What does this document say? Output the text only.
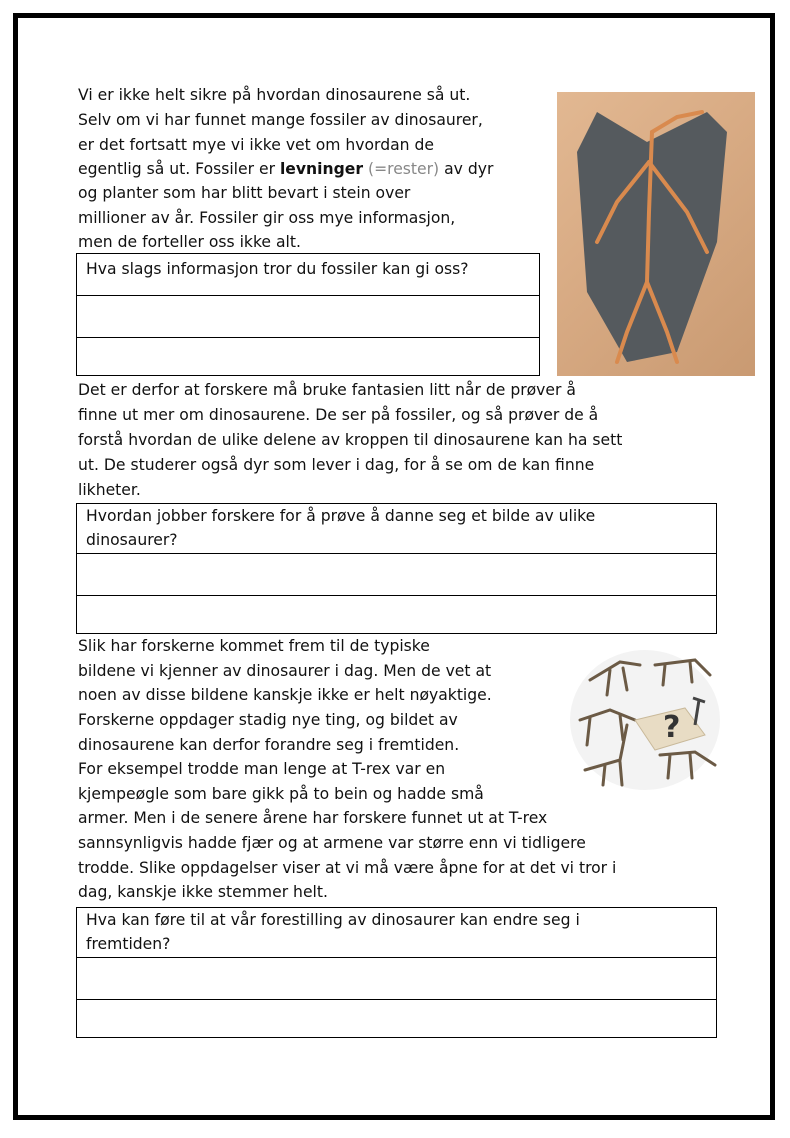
Vi er ikke helt sikre på hvordan dinosaurene så ut.
Selv om vi har funnet mange fossiler av dinosaurer,
er det fortsatt mye vi ikke vet om hvordan de
egentlig så ut. Fossiler er levninger (=rester) av dyr
og planter som har blitt bevart i stein over
millioner av år. Fossiler gir oss mye informasjon,
men de forteller oss ikke alt.
Hva slags informasjon tror du fossiler kan gi oss?
Det er derfor at forskere må bruke fantasien litt når de prøver å
finne ut mer om dinosaurene. De ser på fossiler, og så prøver de å
forstå hvordan de ulike delene av kroppen til dinosaurene kan ha sett
ut. De studerer også dyr som lever i dag, for å se om de kan finne
likheter.
Hvordan jobber forskere for å prøve å danne seg et bilde av ulike
dinosaurer?
Slik har forskerne kommet frem til de typiske
bildene vi kjenner av dinosaurer i dag. Men de vet at
noen av disse bildene kanskje ikke er helt nøyaktige.
Forskerne oppdager stadig nye ting, og bildet av
dinosaurene kan derfor forandre seg i fremtiden.
For eksempel trodde man lenge at T-rex var en
kjempeøgle som bare gikk på to bein og hadde små
armer. Men i de senere årene har forskere funnet ut at T-rex
sannsynligvis hadde fjær og at armene var større enn vi tidligere
trodde. Slike oppdagelser viser at vi må være åpne for at det vi tror i
dag, kanskje ikke stemmer helt.
?
Hva kan føre til at vår forestilling av dinosaurer kan endre seg i
fremtiden?
